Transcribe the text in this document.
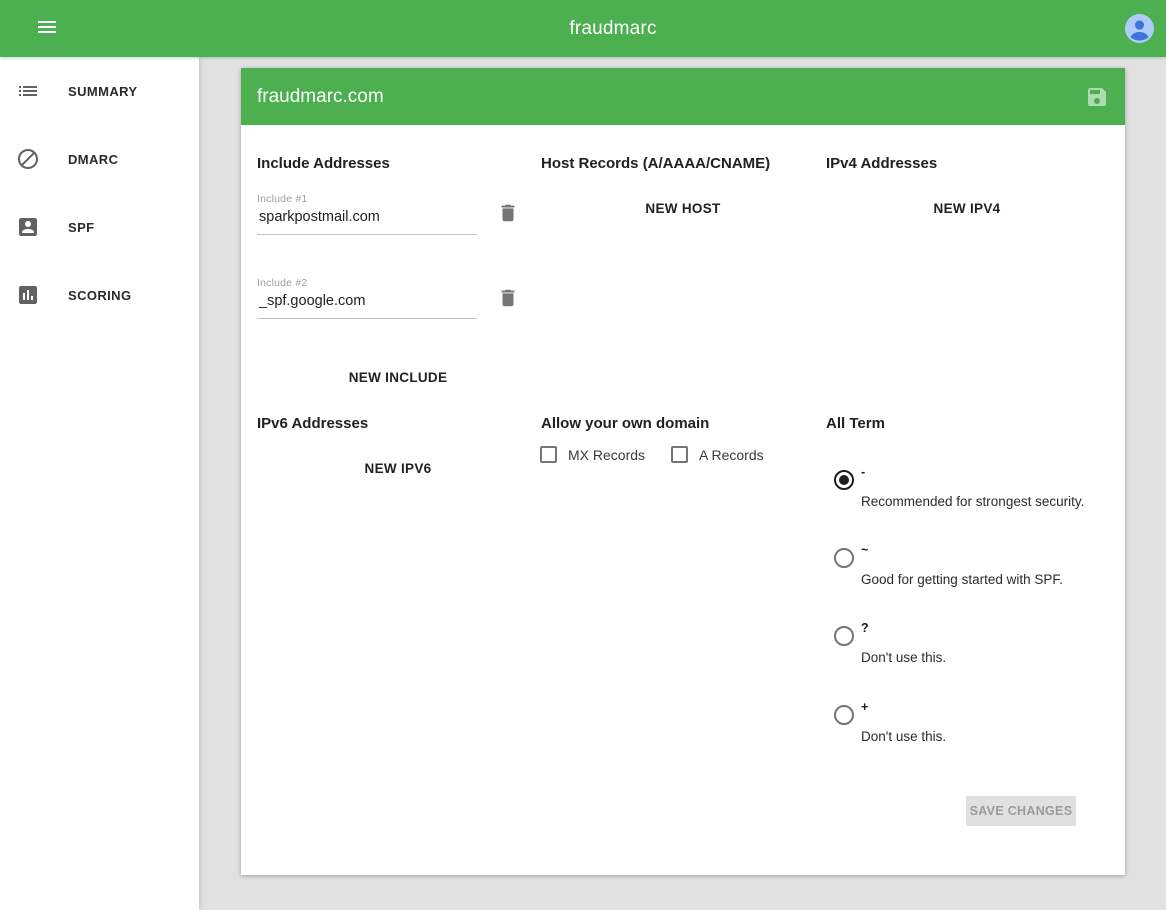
fraudmarc
SUMMARY
DMARC
SPF
SCORING
fraudmarc.com
Include Addresses	Host Records (A/AAAA/CNAME)	IPv4 Addresses
Include #1
sparkpostmail.com
Include #2
_spf.google.com
NEW INCLUDE
NEW HOST	NEW IPV4
IPv6 Addresses	Allow your own domain	All Term
NEW IPV6
MX Records	A Records
-
Recommended for strongest security.
~
Good for getting started with SPF.
?
Don't use this.
+
Don't use this.
SAVE CHANGES
